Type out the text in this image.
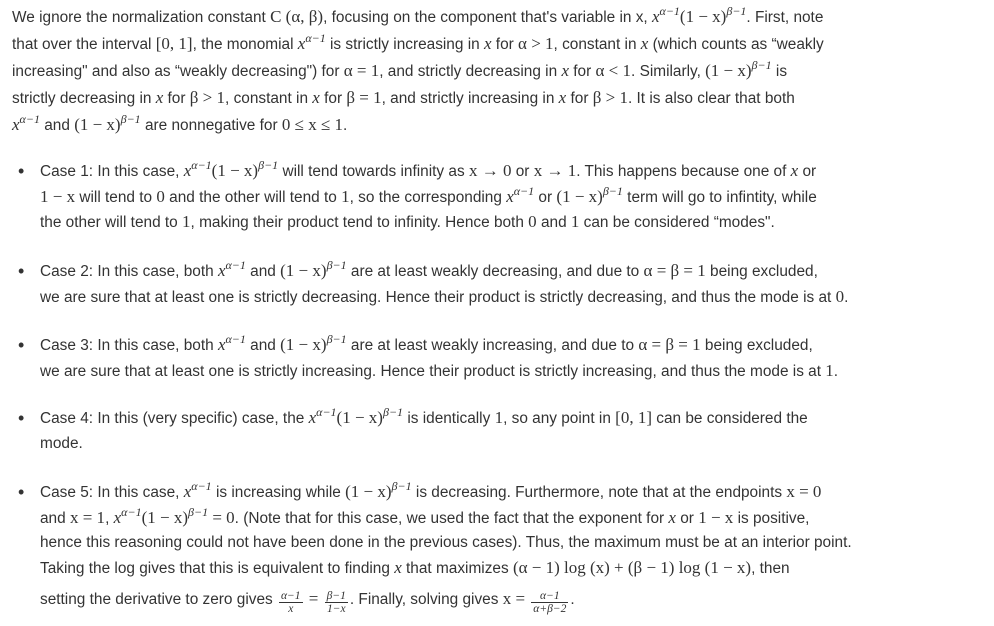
We ignore the normalization constant C (α, β), focusing on the component that's variable in x, $x^{\alpha-1}(1 - x)^{\beta-1}$. First, note
that over the interval [0, 1], the monomial $x^{\alpha-1}$ is strictly increasing in x for α > 1, constant in x (which counts as “weakly
increasing" and also as “weakly decreasing") for α = 1, and strictly decreasing in x for α < 1. Similarly, $(1 - x)^{\beta-1}$ is
strictly decreasing in x for β > 1, constant in x for β = 1, and strictly increasing in x for β > 1. It is also clear that both
$x^{\alpha-1}$ and $(1 - x)^{\beta-1}$ are nonnegative for 0 ≤ x ≤ 1.
• Case 1: In this case, $x^{\alpha-1}(1 - x)^{\beta-1}$ will tend towards infinity as x → 0 or x → 1. This happens because one of x or
1 − x will tend to 0 and the other will tend to 1, so the corresponding $x^{\alpha-1}$ or $(1 - x)^{\beta-1}$ term will go to infintity, while
the other will tend to 1, making their product tend to infinity. Hence both 0 and 1 can be considered “modes".
• Case 2: In this case, both $x^{\alpha-1}$ and $(1 - x)^{\beta-1}$ are at least weakly decreasing, and due to α = β = 1 being excluded,
we are sure that at least one is strictly decreasing. Hence their product is strictly decreasing, and thus the mode is at 0.
• Case 3: In this case, both $x^{\alpha-1}$ and $(1 - x)^{\beta-1}$ are at least weakly increasing, and due to α = β = 1 being excluded,
we are sure that at least one is strictly increasing. Hence their product is strictly increasing, and thus the mode is at 1.
• Case 4: In this (very specific) case, the $x^{\alpha-1}(1 - x)^{\beta-1}$ is identically 1, so any point in [0, 1] can be considered the
mode.
• Case 5: In this case, $x^{\alpha-1}$ is increasing while $(1 - x)^{\beta-1}$ is decreasing. Furthermore, note that at the endpoints x = 0
and x = 1, $x^{\alpha-1}(1 - x)^{\beta-1} = 0$. (Note that for this case, we used the fact that the exponent for x or 1 − x is positive,
hence this reasoning could not have been done in the previous cases). Thus, the maximum must be at an interior point.
Taking the log gives that this is equivalent to finding x that maximizes (α − 1) log (x) + (β − 1) log (1 − x), then
setting the derivative to zero gives $\frac{\alpha-1}{x} = \frac{\beta-1}{1-x}$ . Finally, solving gives $x = \frac{\alpha-1}{\alpha+\beta-2}$ .
